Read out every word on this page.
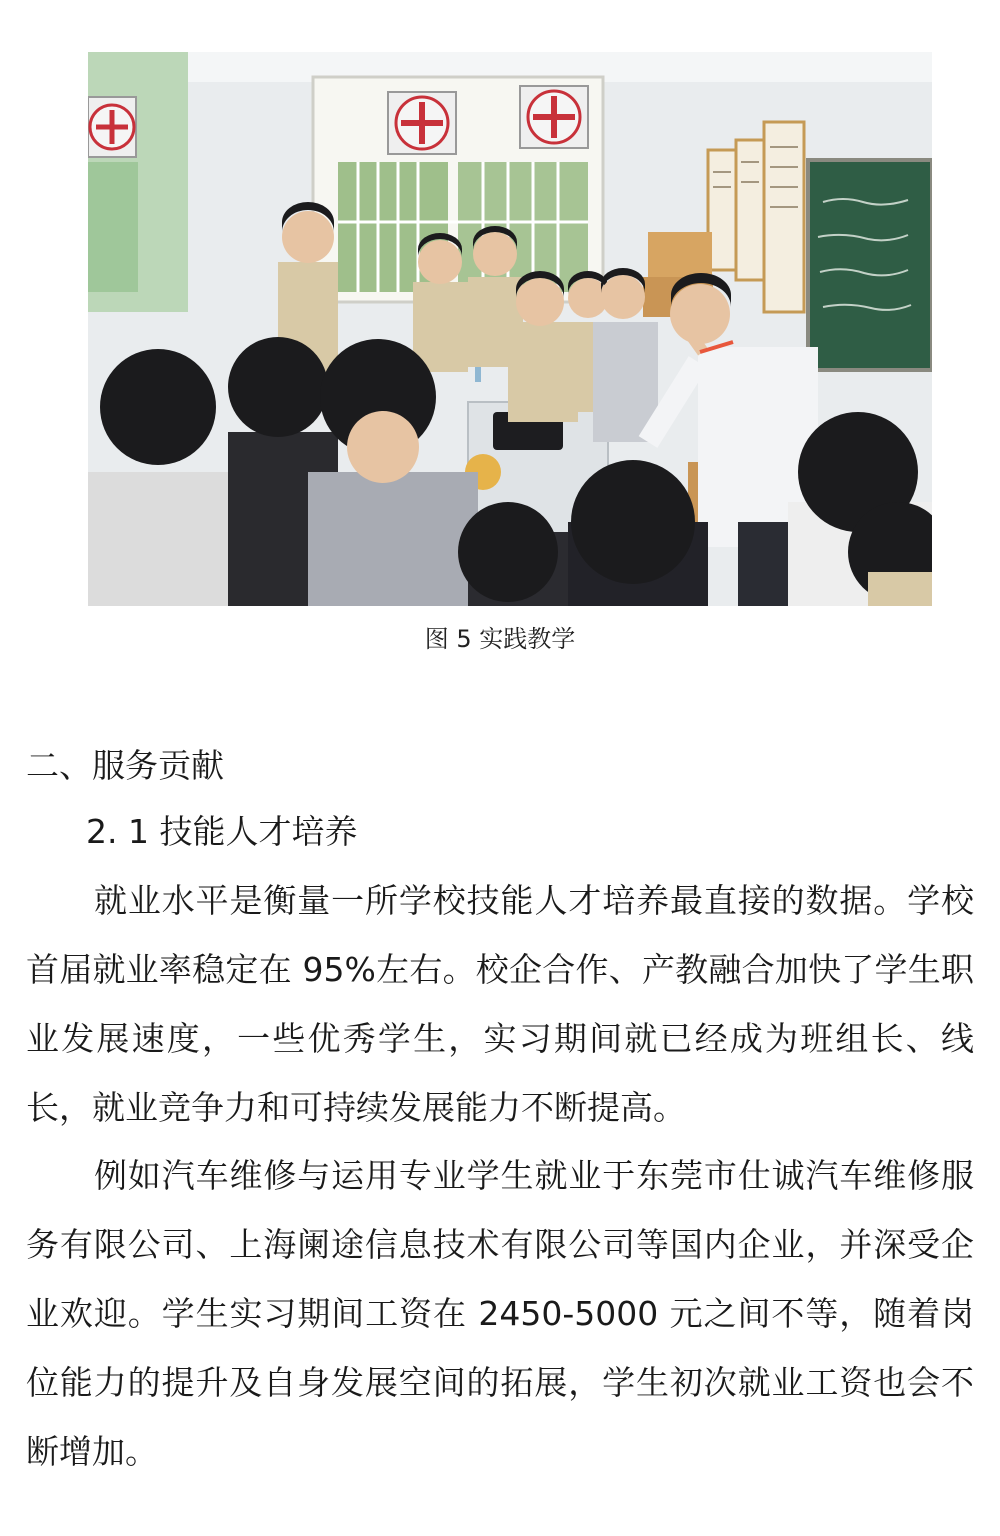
图 5 实践教学
二、服务贡献
2. 1 技能人才培养

就业水平是衡量一所学校技能人才培养最直接的数据。学校首届就业率稳定在 95%左右。校企合作、产教融合加快了学生职业发展速度，一些优秀学生，实习期间就已经成为班组长、线长，就业竞争力和可持续发展能力不断提高。

例如汽车维修与运用专业学生就业于东莞市仕诚汽车维修服务有限公司、上海阑途信息技术有限公司等国内企业，并深受企业欢迎。学生实习期间工资在 2450-5000 元之间不等，随着岗位能力的提升及自身发展空间的拓展，学生初次就业工资也会不断增加。
